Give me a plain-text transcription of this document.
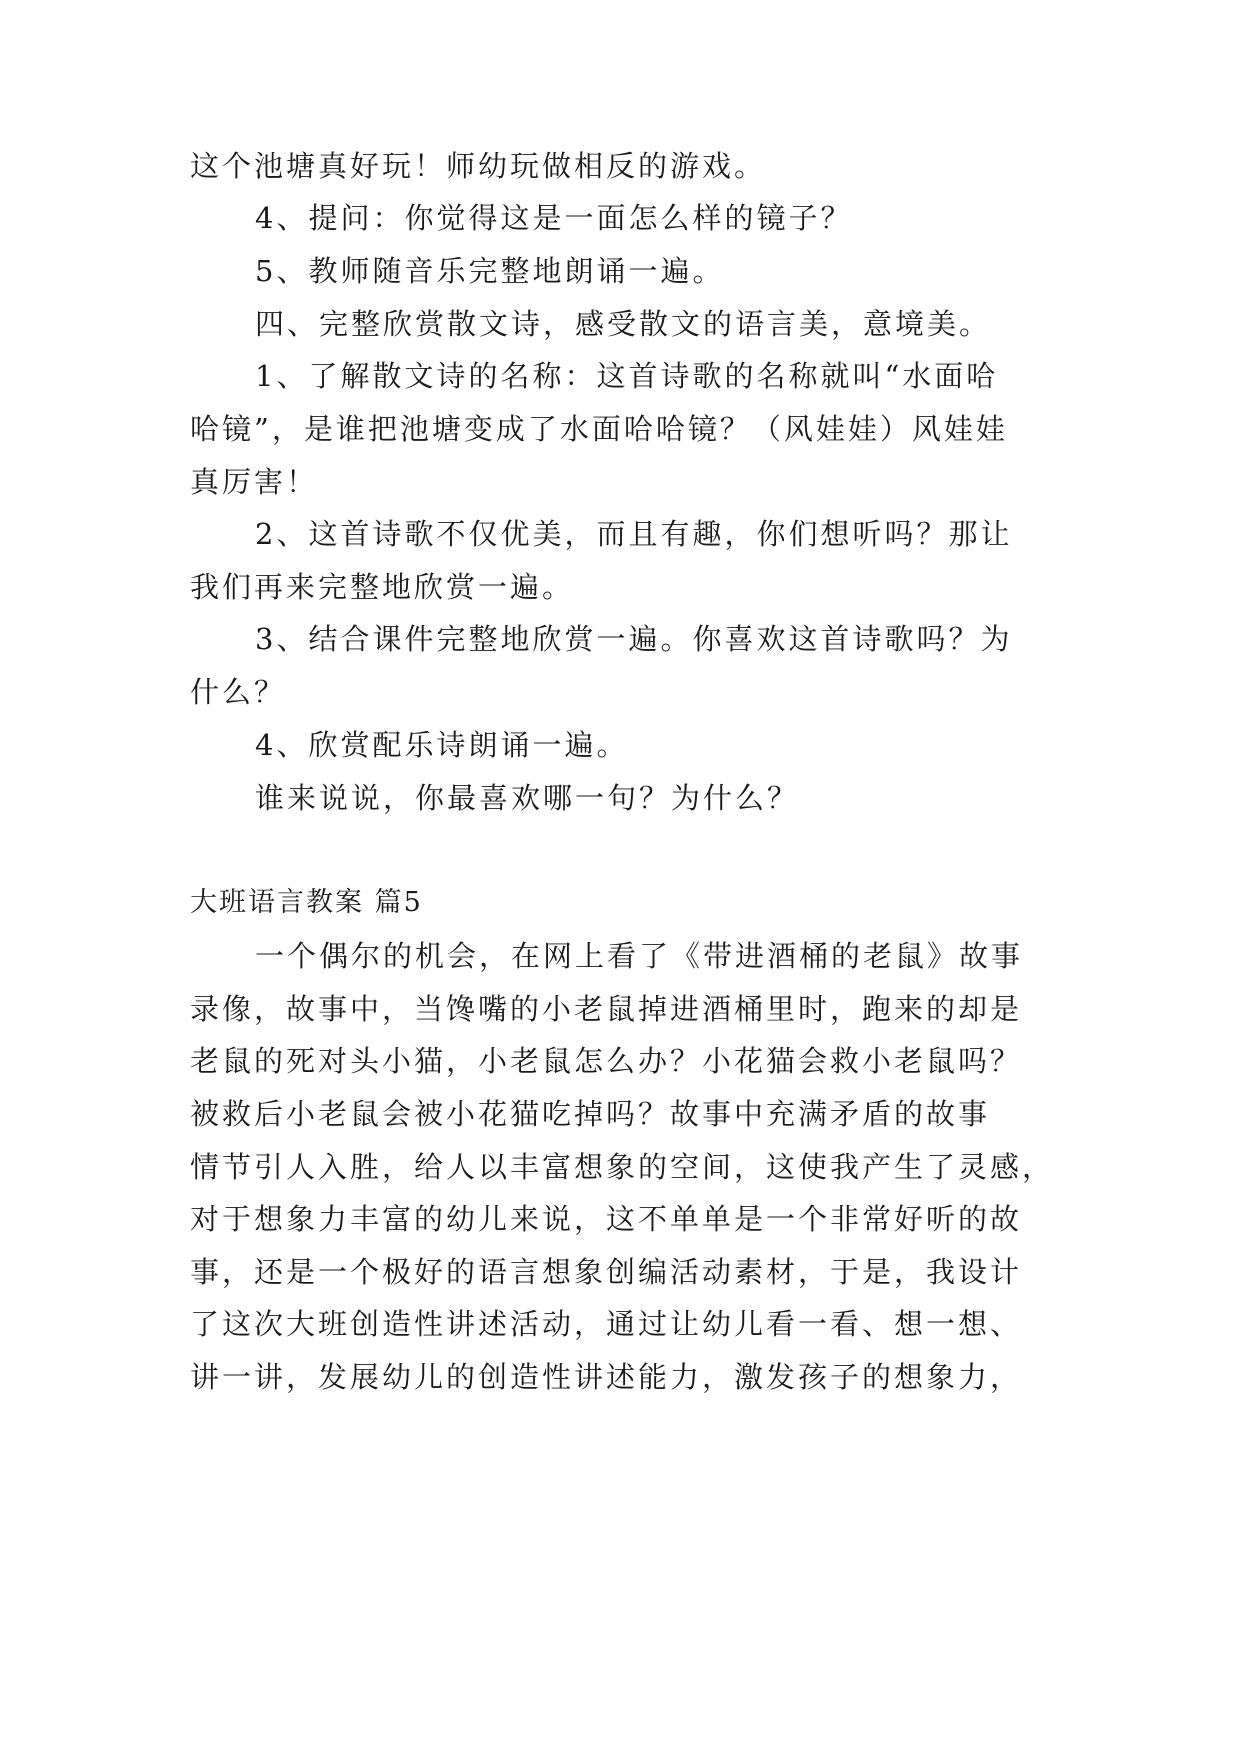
这个池塘真好玩！师幼玩做相反的游戏。
4、提问：你觉得这是一面怎么样的镜子？
5、教师随音乐完整地朗诵一遍。
四、完整欣赏散文诗，感受散文的语言美，意境美。
1、了解散文诗的名称：这首诗歌的名称就叫“水面哈
哈镜”，是谁把池塘变成了水面哈哈镜？（风娃娃）风娃娃
真厉害！
2、这首诗歌不仅优美，而且有趣，你们想听吗？那让
我们再来完整地欣赏一遍。
3、结合课件完整地欣赏一遍。你喜欢这首诗歌吗？为
什么？
4、欣赏配乐诗朗诵一遍。
谁来说说，你最喜欢哪一句？为什么？
大班语言教案 篇5
一个偶尔的机会，在网上看了《带进酒桶的老鼠》故事
录像，故事中，当馋嘴的小老鼠掉进酒桶里时，跑来的却是
老鼠的死对头小猫，小老鼠怎么办？小花猫会救小老鼠吗？
被救后小老鼠会被小花猫吃掉吗？故事中充满矛盾的故事
情节引人入胜，给人以丰富想象的空间，这使我产生了灵感，
对于想象力丰富的幼儿来说，这不单单是一个非常好听的故
事，还是一个极好的语言想象创编活动素材，于是，我设计
了这次大班创造性讲述活动，通过让幼儿看一看、想一想、
讲一讲，发展幼儿的创造性讲述能力，激发孩子的想象力，
